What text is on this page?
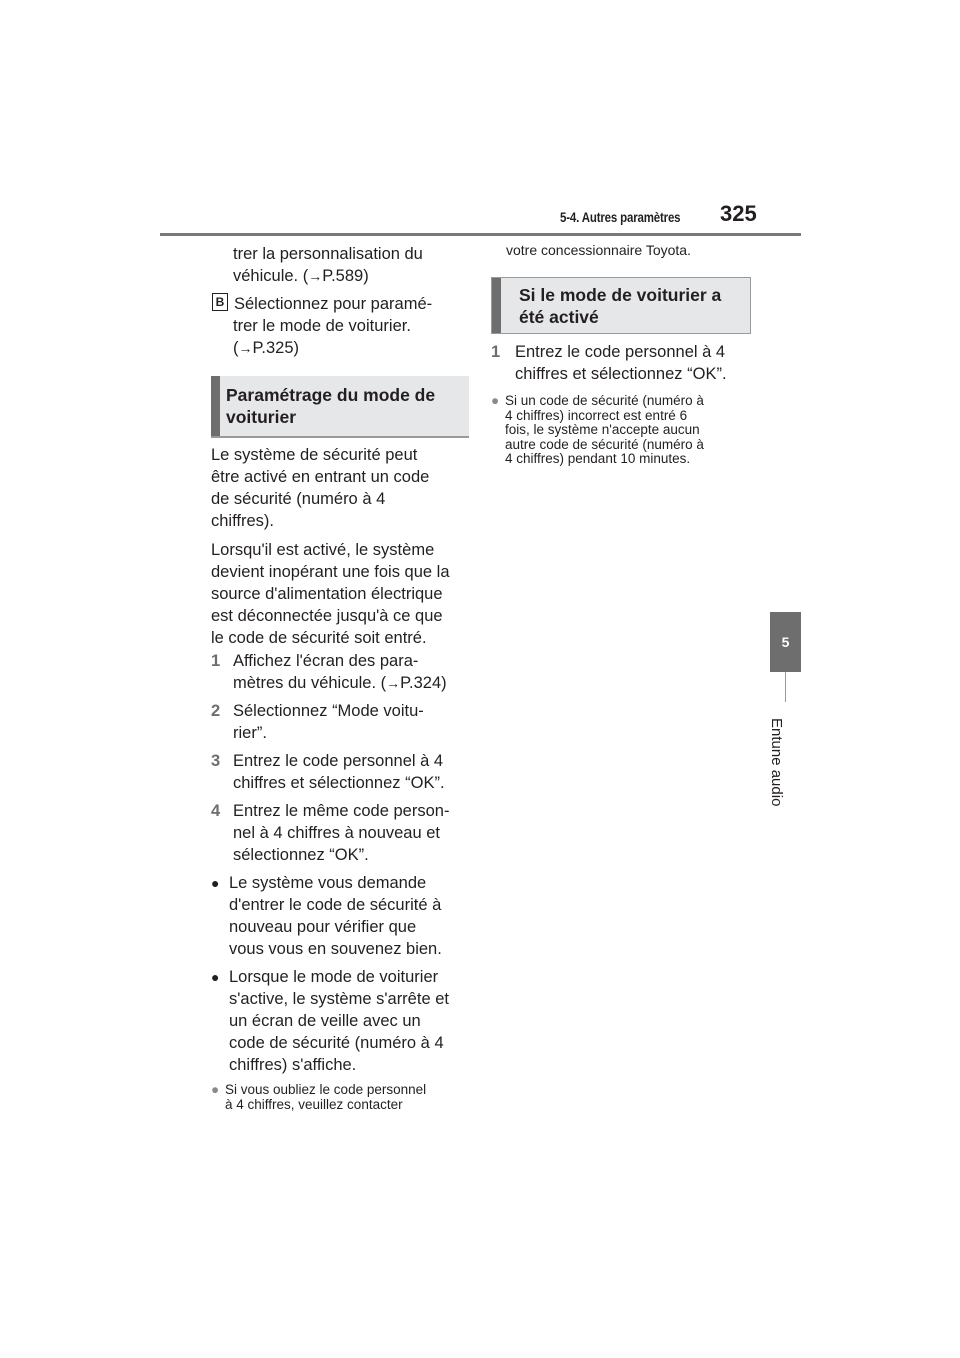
5-4. Autres paramètres 325
5
Entune audio
trer la personnalisation du
véhicule. (→P.589)
B Sélectionnez pour paramé-
trer le mode de voiturier.
(→P.325)
Paramétrage du mode de
voiturier
Le système de sécurité peut
être activé en entrant un code
de sécurité (numéro à 4
chiffres).
Lorsqu'il est activé, le système
devient inopérant une fois que la
source d'alimentation électrique
est déconnectée jusqu'à ce que
le code de sécurité soit entré.
1 Affichez l'écran des para-
mètres du véhicule. (→P.324)
2 Sélectionnez “Mode voitu-
rier”.
3 Entrez le code personnel à 4
chiffres et sélectionnez “OK”.
4 Entrez le même code person-
nel à 4 chiffres à nouveau et
sélectionnez “OK”.
● Le système vous demande
d'entrer le code de sécurité à
nouveau pour vérifier que
vous vous en souvenez bien.
● Lorsque le mode de voiturier
s'active, le système s'arrête et
un écran de veille avec un
code de sécurité (numéro à 4
chiffres) s'affiche.
● Si vous oubliez le code personnel
à 4 chiffres, veuillez contacter
votre concessionnaire Toyota.
Si le mode de voiturier a
été activé
1 Entrez le code personnel à 4
chiffres et sélectionnez “OK”.
● Si un code de sécurité (numéro à
4 chiffres) incorrect est entré 6
fois, le système n'accepte aucun
autre code de sécurité (numéro à
4 chiffres) pendant 10 minutes.
